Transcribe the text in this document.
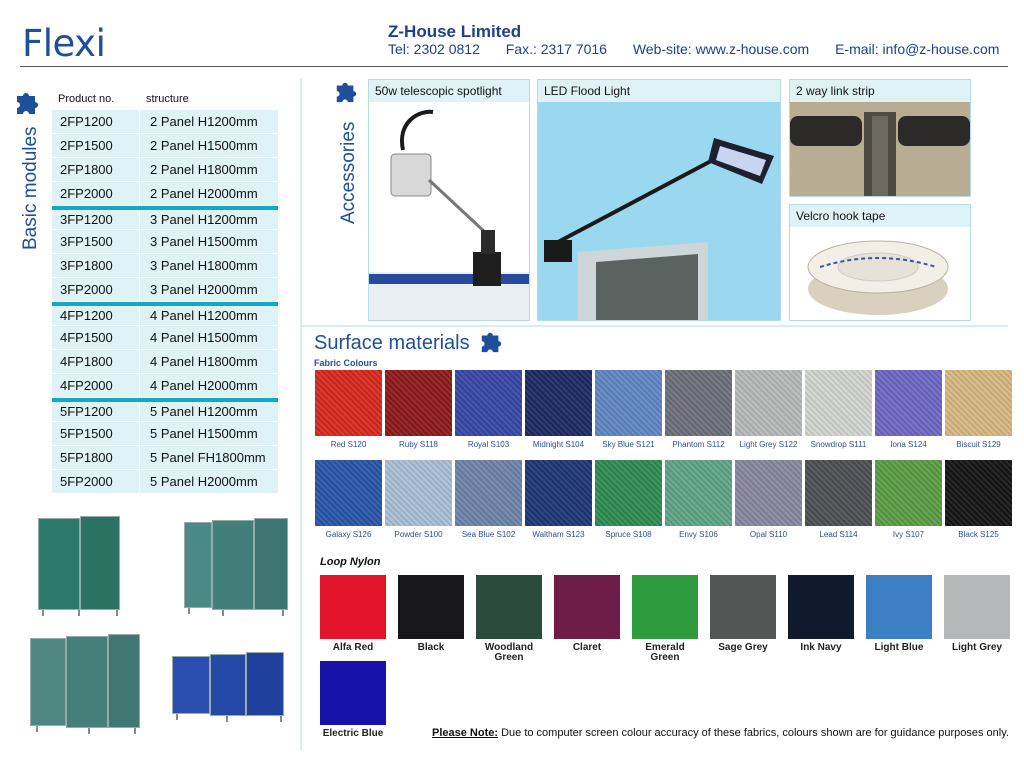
Flexi	Z-House Limited
Tel: 2302 0812 Fax.: 2317 7016 Web-site: www.z-house.com E-mail: info@z-house.com
Basic modules
Product no.	structure
2FP1200	2 Panel H1200mm
2FP1500	2 Panel H1500mm
2FP1800	2 Panel H1800mm
2FP2000	2 Panel H2000mm
3FP1200	3 Panel H1200mm
3FP1500	3 Panel H1500mm
3FP1800	3 Panel H1800mm
3FP2000	3 Panel H2000mm
4FP1200	4 Panel H1200mm
4FP1500	4 Panel H1500mm
4FP1800	4 Panel H1800mm
4FP2000	4 Panel H2000mm
5FP1200	5 Panel H1200mm
5FP1500	5 Panel H1500mm
5FP1800	5 Panel FH1800mm
5FP2000	5 Panel H2000mm
Accessories
50w telescopic spotlight	LED Flood Light	2 way link strip
Velcro hook tape
Surface materials
Fabric Colours
Red S120	Ruby S118	Royal S103	Midnight S104	Sky Blue S121	Phantom S112	Light Grey S122	Snowdrop S111	Iona S124	Biscuit S129
Galaxy S126	Powder S100	Sea Blue S102	Waltham S123	Spruce S108	Envy S106	Opal S110	Lead S114	Ivy S107	Black S125
Loop Nylon
Alfa Red	Black	Woodland Green
Claret	Emerald Green
Sage Grey	Ink Navy	Light Blue	Light Grey
Electric Blue	Please Note: Due to computer screen colour accuracy of these fabrics, colours shown are for guidance purposes only.
